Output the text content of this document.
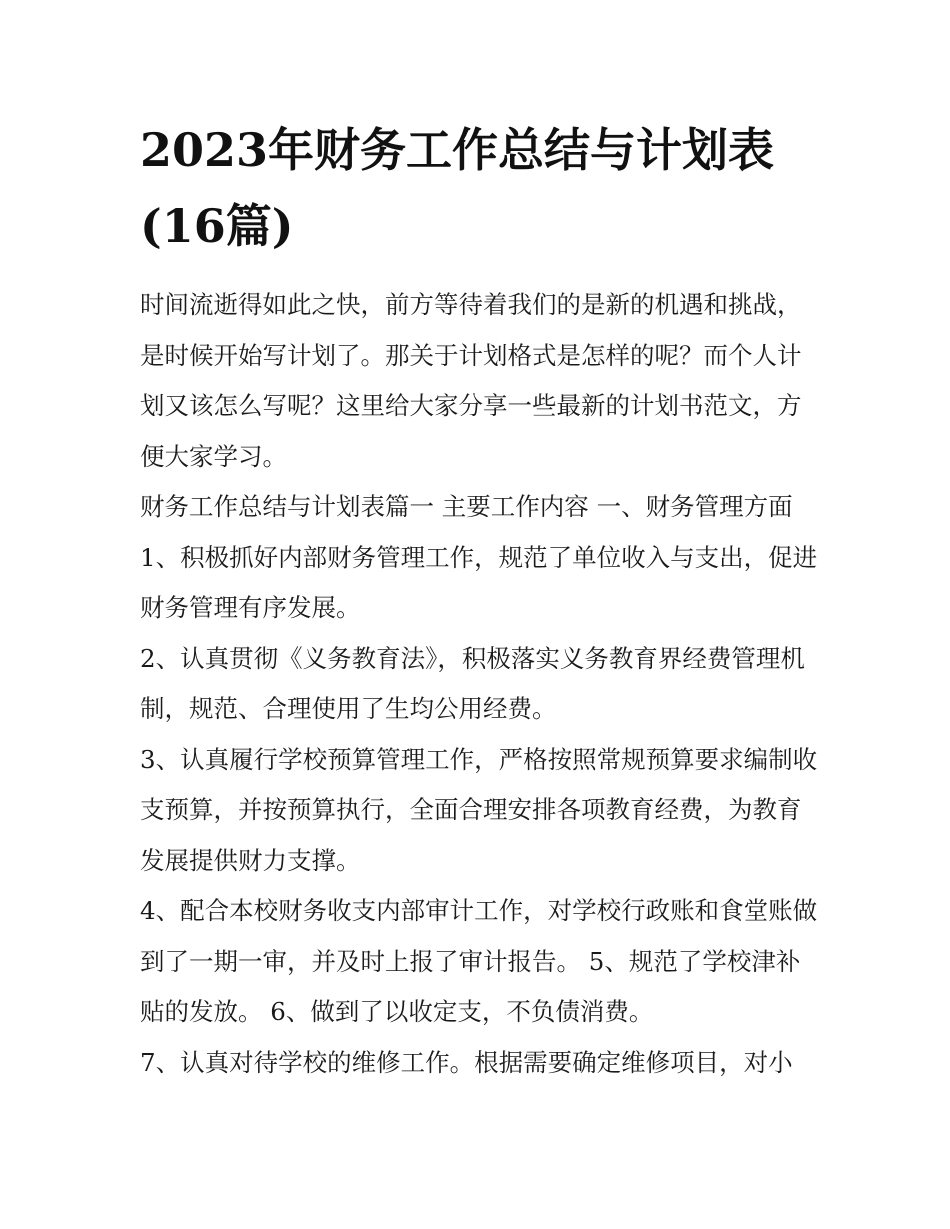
2023年财务工作总结与计划表
(16篇)

时间流逝得如此之快，前方等待着我们的是新的机遇和挑战，是时候开始写计划了。那关于计划格式是怎样的呢？而个人计划又该怎么写呢？这里给大家分享一些最新的计划书范文，方便大家学习。

财务工作总结与计划表篇一 主要工作内容 一、财务管理方面

1、积极抓好内部财务管理工作，规范了单位收入与支出，促进财务管理有序发展。

2、认真贯彻《义务教育法》，积极落实义务教育界经费管理机制，规范、合理使用了生均公用经费。

3、认真履行学校预算管理工作，严格按照常规预算要求编制收支预算，并按预算执行，全面合理安排各项教育经费，为教育发展提供财力支撑。

4、配合本校财务收支内部审计工作，对学校行政账和食堂账做到了一期一审，并及时上报了审计报告。 5、规范了学校津补贴的发放。 6、做到了以收定支，不负债消费。

7、认真对待学校的维修工作。根据需要确定维修项目，对小
